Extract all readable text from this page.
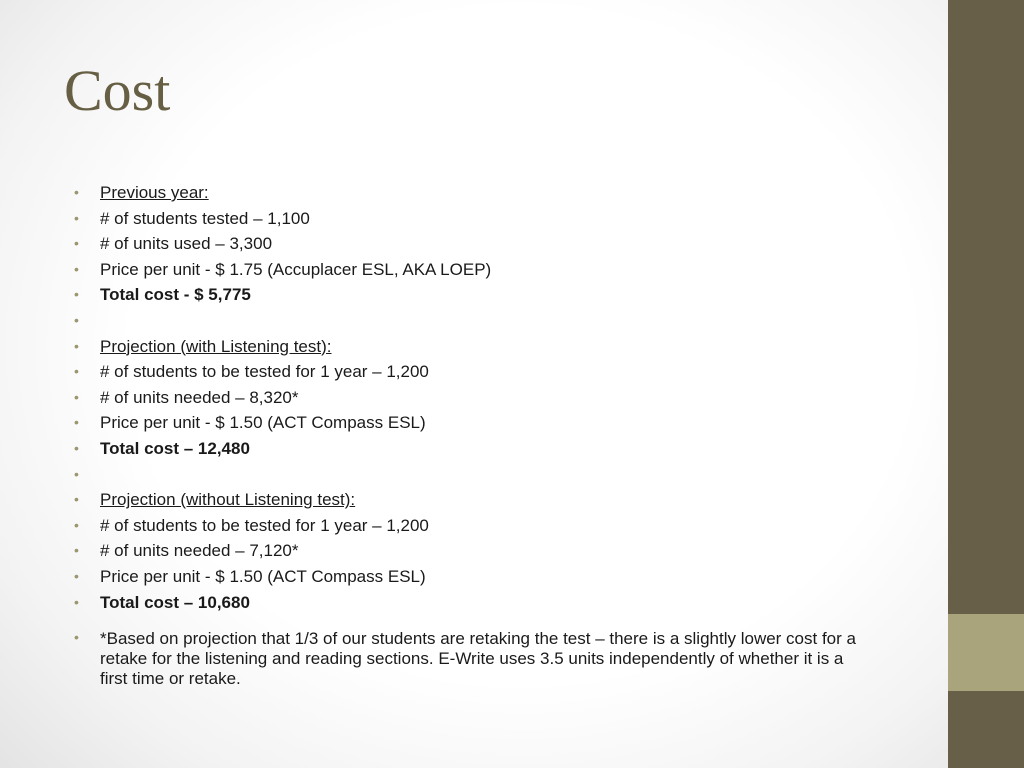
Cost
• Previous year:
• # of students tested – 1,100
• # of units used – 3,300
• Price per unit - $ 1.75 (Accuplacer ESL, AKA LOEP)
• Total cost - $ 5,775
•
• Projection (with Listening test):
• # of students to be tested for 1 year – 1,200
• # of units needed – 8,320*
• Price per unit - $ 1.50 (ACT Compass ESL)
• Total cost – 12,480
•
• Projection (without Listening test):
• # of students to be tested for 1 year – 1,200
• # of units needed – 7,120*
• Price per unit - $ 1.50 (ACT Compass ESL)
• Total cost – 10,680
• *Based on projection that 1/3 of our students are retaking the test – there is a slightly lower cost for a retake for the listening and reading sections. E-Write uses 3.5 units independently of whether it is a first time or retake.
